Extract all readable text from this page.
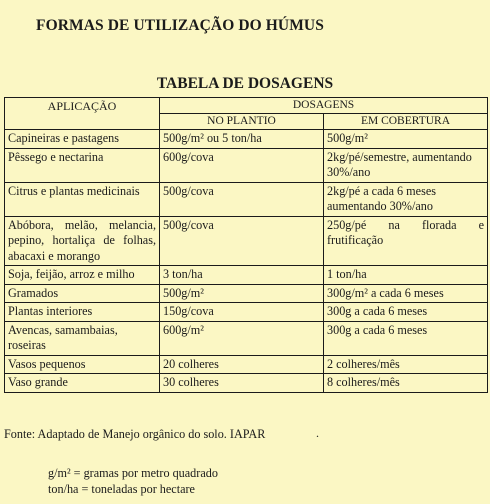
FORMAS DE UTILIZAÇÃO DO HÚMUS
TABELA DE DOSAGENS
APLICAÇÃO	DOSAGENS	
	NO PLANTIO	EM COBERTURA
Capineiras e pastagens	500g/m² ou 5 ton/ha	500g/m²
Pêssego e nectarina	600g/cova	2kg/pé/semestre, aumentando 30%/ano
Citrus e plantas medicinais	500g/cova	2kg/pé a cada 6 meses aumentando 30%/ano
Abóbora, melão, melancia, pepino, hortaliça de folhas, abacaxi e morango	500g/cova	250g/pé na florada e frutificação
Soja, feijão, arroz e milho	3 ton/ha	1 ton/ha
Gramados	500g/m²	300g/m² a cada 6 meses
Plantas interiores	150g/cova	300g a cada 6 meses
Avencas, samambaias, roseiras	600g/m²	300g a cada 6 meses
Vasos pequenos	20 colheres	2 colheres/mês
Vaso grande	30 colheres	8 colheres/mês
Fonte: Adaptado de Manejo orgânico do solo. IAPAR	.
g/m² = gramas por metro quadrado
ton/ha = toneladas por hectare
